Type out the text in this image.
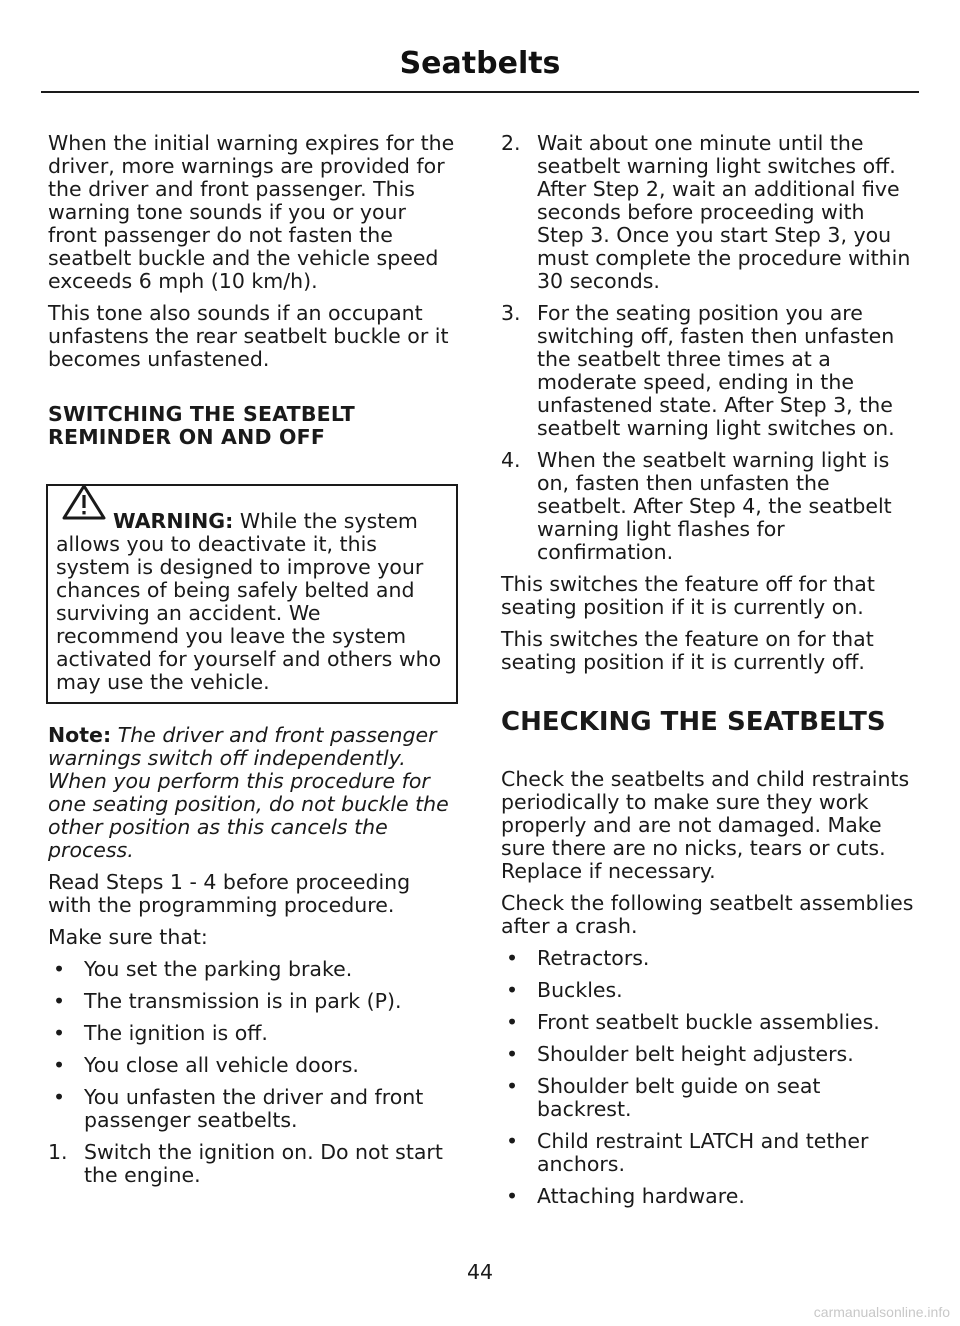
Seatbelts

When the initial warning expires for the driver, more warnings are provided for the driver and front passenger. This warning tone sounds if you or your front passenger do not fasten the seatbelt buckle and the vehicle speed exceeds 6 mph (10 km/h).

This tone also sounds if an occupant unfastens the rear seatbelt buckle or it becomes unfastened.

SWITCHING THE SEATBELT REMINDER ON AND OFF
WARNING: While the system allows you to deactivate it, this system is designed to improve your chances of being safely belted and surviving an accident. We recommend you leave the system activated for yourself and others who may use the vehicle.

Note: The driver and front passenger warnings switch off independently. When you perform this procedure for one seating position, do not buckle the other position as this cancels the process.

Read Steps 1 - 4 before proceeding with the programming procedure.

Make sure that:

• You set the parking brake.
• The transmission is in park (P).
• The ignition is off.
• You close all vehicle doors.
• You unfasten the driver and front passenger seatbelts.
1. Switch the ignition on. Do not start the engine.
2. Wait about one minute until the seatbelt warning light switches off. After Step 2, wait an additional five seconds before proceeding with Step 3. Once you start Step 3, you must complete the procedure within 30 seconds.
3. For the seating position you are switching off, fasten then unfasten the seatbelt three times at a moderate speed, ending in the unfastened state. After Step 3, the seatbelt warning light switches on.
4. When the seatbelt warning light is on, fasten then unfasten the seatbelt. After Step 4, the seatbelt warning light flashes for confirmation.

This switches the feature off for that seating position if it is currently on.

This switches the feature on for that seating position if it is currently off.

CHECKING THE SEATBELTS

Check the seatbelts and child restraints periodically to make sure they work properly and are not damaged. Make sure there are no nicks, tears or cuts. Replace if necessary.

Check the following seatbelt assemblies after a crash.

• Retractors.
• Buckles.
• Front seatbelt buckle assemblies.
• Shoulder belt height adjusters.
• Shoulder belt guide on seat backrest.
• Child restraint LATCH and tether anchors.
• Attaching hardware.
44
carmanualsonline.info
